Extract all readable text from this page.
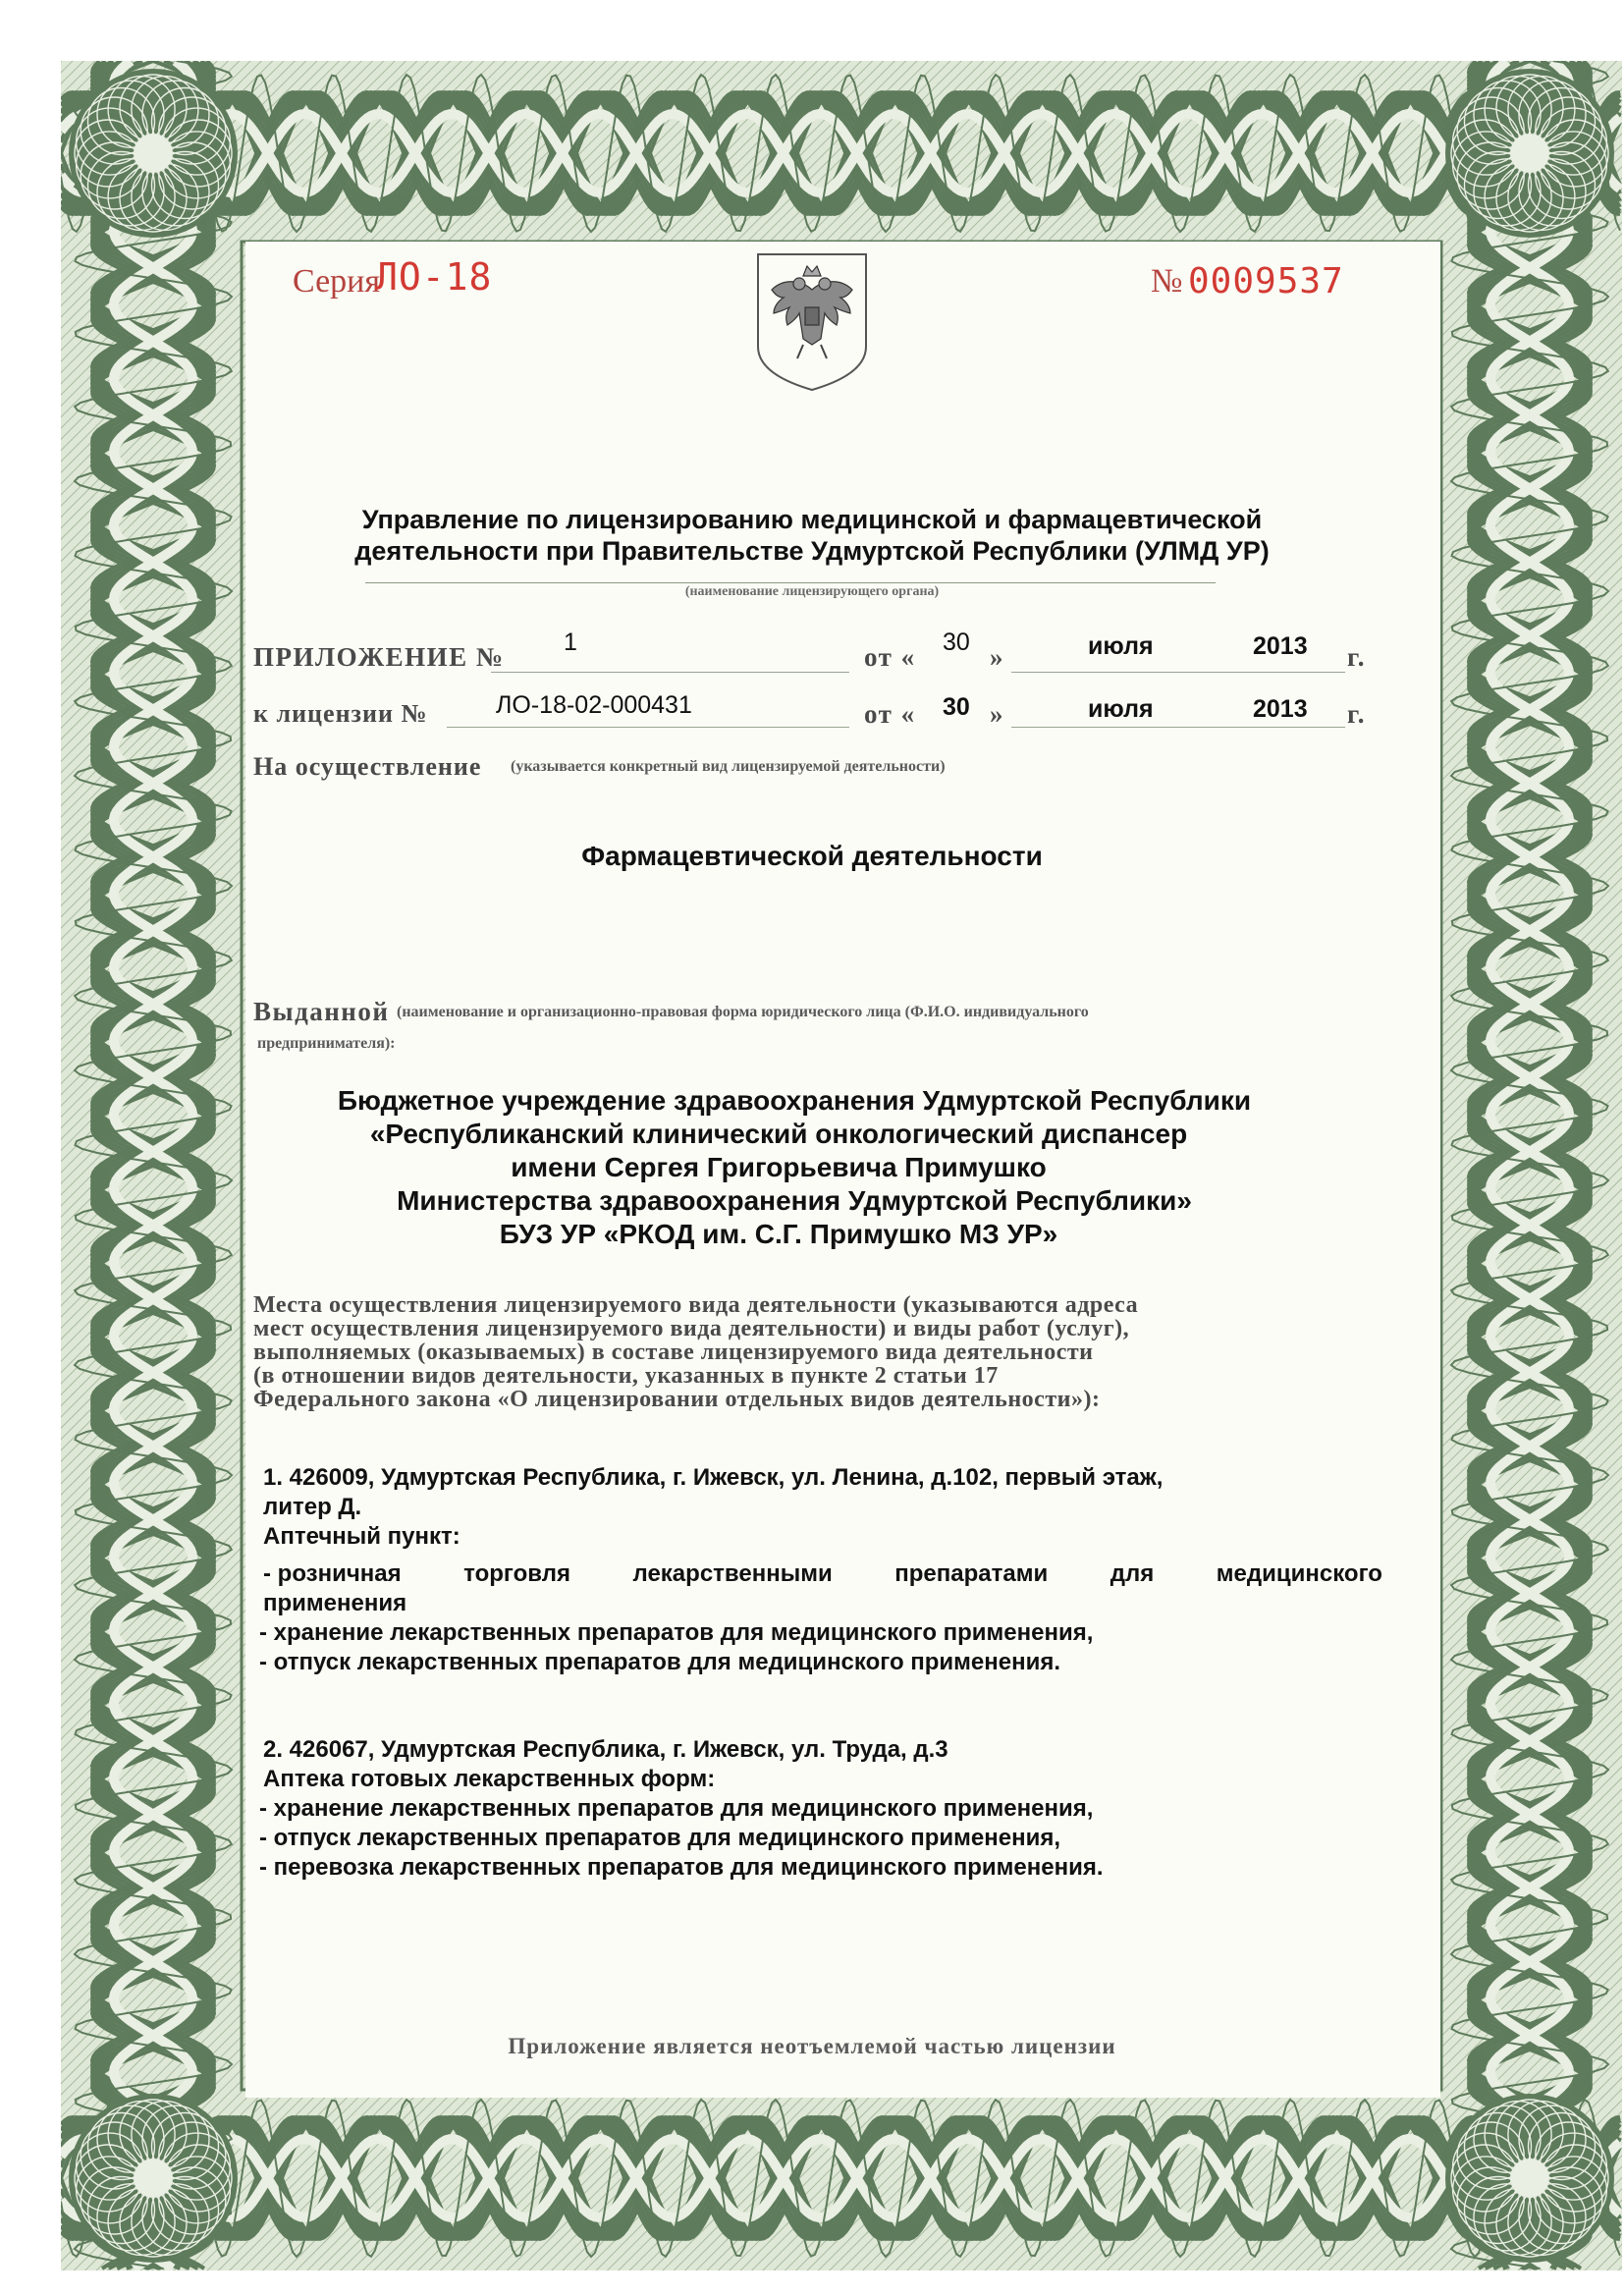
Серия
ЛО-18	№ 0009537
Управление по лицензированию медицинской и фармацевтической
деятельности при Правительстве Удмуртской Республики (УЛМД УР)
(наименование лицензирующего органа)
ПРИЛОЖЕНИЕ № 1	от « 30 »	июля	2013 г.
к лицензии №	ЛО-18-02-000431	от « 30 »	июля	2013 г.
На осуществление (указывается конкретный вид лицензируемой деятельности)
Фармацевтической деятельности
Выданной (наименование и организационно-правовая форма юридического лица (Ф.И.О. индивидуального
предпринимателя):
Бюджетное учреждение здравоохранения Удмуртской Республики
«Республиканский клинический онкологический диспансер
имени Сергея Григорьевича Примушко
Министерства здравоохранения Удмуртской Республики»
БУЗ УР «РКОД им. С.Г. Примушко МЗ УР»
Места осуществления лицензируемого вида деятельности (указываются адреса
мест осуществления лицензируемого вида деятельности) и виды работ (услуг),
выполняемых (оказываемых) в составе лицензируемого вида деятельности
(в отношении видов деятельности, указанных в пункте 2 статьи 17
Федерального закона «О лицензировании отдельных видов деятельности»):
1. 426009, Удмуртская Республика, г. Ижевск, ул. Ленина, д.102, первый этаж,
литер Д.
Аптечный пункт:
- розничная	торговля	лекарственными	препаратами	для	медицинского
применения
- хранение лекарственных препаратов для медицинского применения,
- отпуск лекарственных препаратов для медицинского применения.
2. 426067, Удмуртская Республика, г. Ижевск, ул. Труда, д.3
Аптека готовых лекарственных форм:
- хранение лекарственных препаратов для медицинского применения,
- отпуск лекарственных препаратов для медицинского применения,
- перевозка лекарственных препаратов для медицинского применения.
Приложение является неотъемлемой частью лицензии
